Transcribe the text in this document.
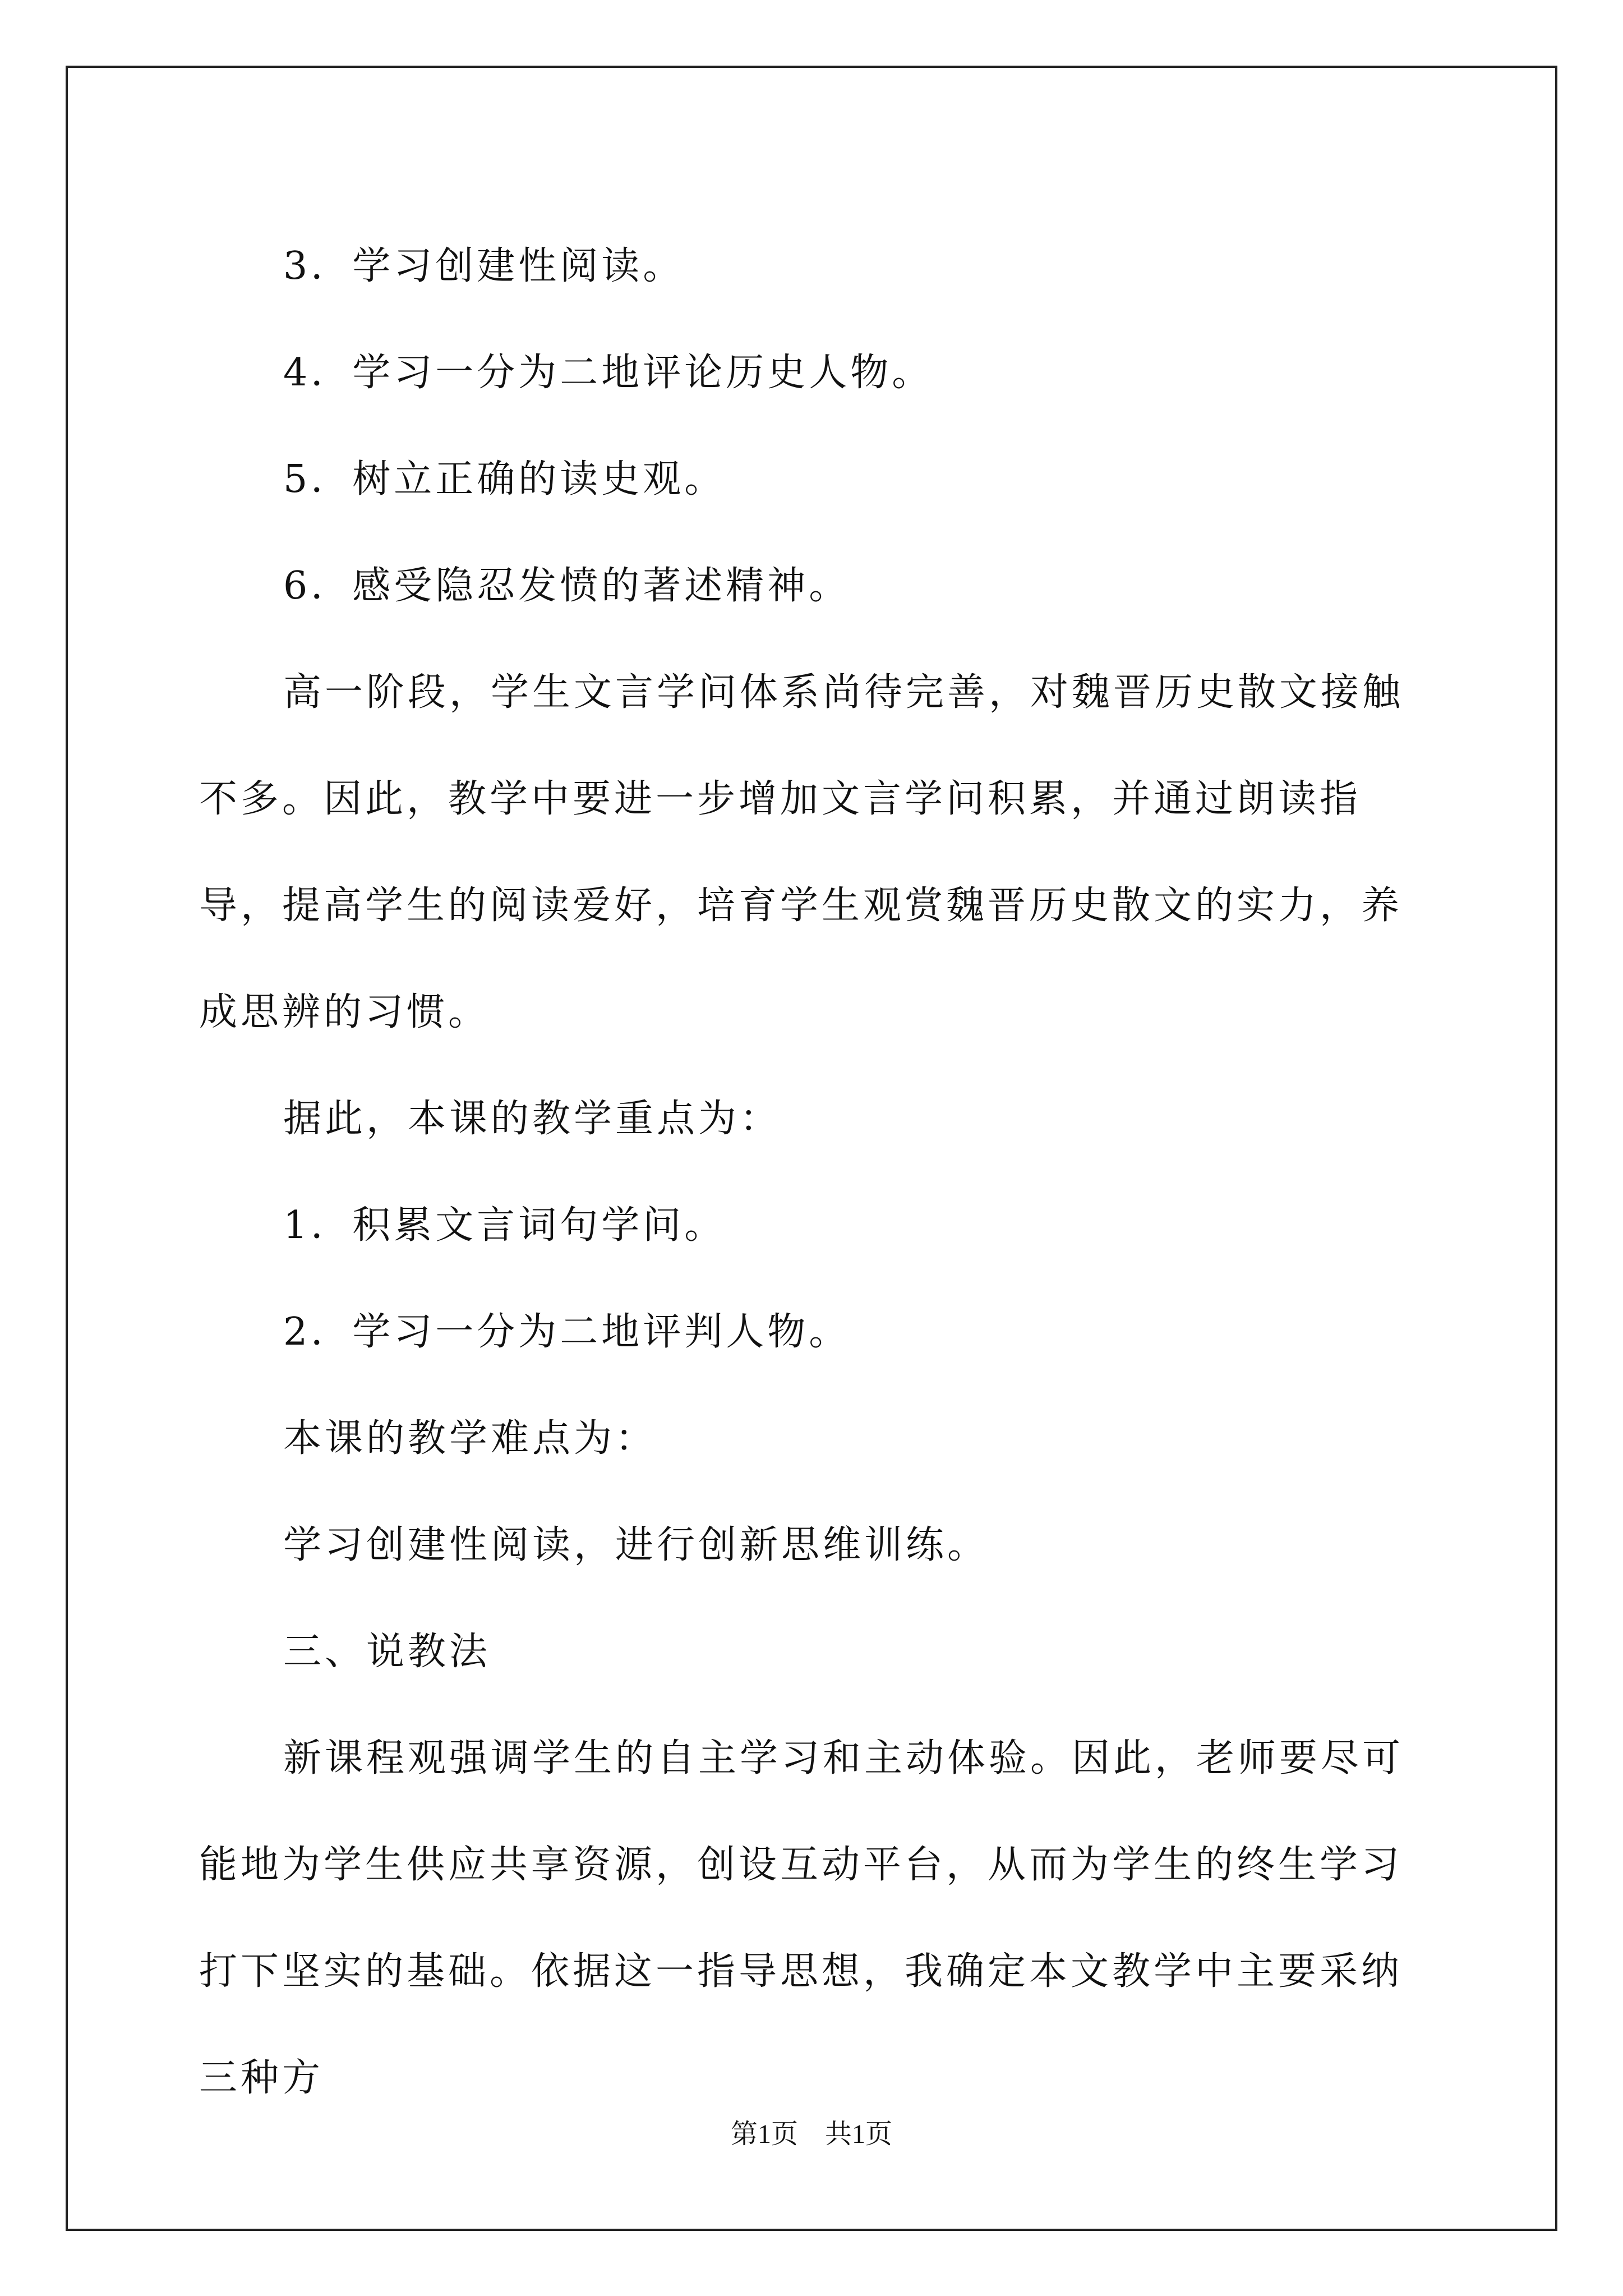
3．学习创建性阅读。

4．学习一分为二地评论历史人物。

5．树立正确的读史观。

6．感受隐忍发愤的著述精神。

高一阶段，学生文言学问体系尚待完善，对魏晋历史散文接触不多。因此，教学中要进一步增加文言学问积累，并通过朗读指导，提高学生的阅读爱好，培育学生观赏魏晋历史散文的实力，养成思辨的习惯。

据此，本课的教学重点为：

1．积累文言词句学问。

2．学习一分为二地评判人物。

本课的教学难点为：

学习创建性阅读，进行创新思维训练。

三、说教法

新课程观强调学生的自主学习和主动体验。因此，老师要尽可能地为学生供应共享资源，创设互动平台，从而为学生的终生学习打下坚实的基础。依据这一指导思想，我确定本文教学中主要采纳三种方

第1页　共1页
